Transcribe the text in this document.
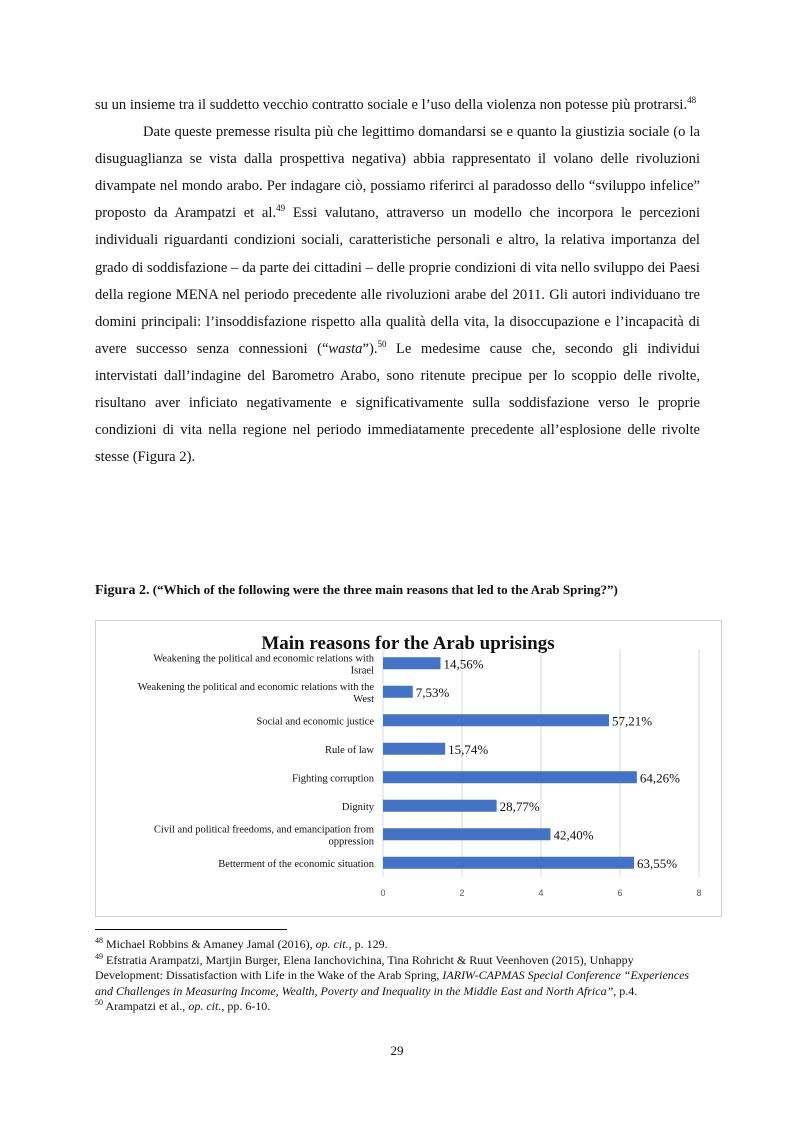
su un insieme tra il suddetto vecchio contratto sociale e l’uso della violenza non potesse più protrarsi.$^{48}$

Date queste premesse risulta più che legittimo domandarsi se e quanto la giustizia sociale (o la disuguaglianza se vista dalla prospettiva negativa) abbia rappresentato il volano delle rivoluzioni divampate nel mondo arabo. Per indagare ciò, possiamo riferirci al paradosso dello “sviluppo infelice” proposto da Arampatzi et al.$^{49}$ Essi valutano, attraverso un modello che incorpora le percezioni individuali riguardanti condizioni sociali, caratteristiche personali e altro, la relativa importanza del grado di soddisfazione – da parte dei cittadini – delle proprie condizioni di vita nello sviluppo dei Paesi della regione MENA nel periodo precedente alle rivoluzioni arabe del 2011. Gli autori individuano tre domini principali: l’insoddisfazione rispetto alla qualità della vita, la disoccupazione e l’incapacità di avere successo senza connessioni (“wasta”).$^{50}$ Le medesime cause che, secondo gli individui intervistati dall’indagine del Barometro Arabo, sono ritenute precipue per lo scoppio delle rivolte, risultano aver inficiato negativamente e significativamente sulla soddisfazione verso le proprie condizioni di vita nella regione nel periodo immediatamente precedente all’esplosione delle rivolte stesse (Figura 2).

Figura 2. (“Which of the following were the three main reasons that led to the Arab Spring?”)
Main reasons for the Arab uprisings
0	2	4	6	8
14,56%
Weakening the political and economic relations with
Israel
7,53%
Weakening the political and economic relations with the
West
57,21%
Social and economic justice
15,74%
Rule of law
64,26%
Fighting corruption
28,77%
Dignity
42,40%
Civil and political freedoms, and emancipation from
oppression
63,55%
Betterment of the economic situation

$^{48}$ Michael Robbins & Amaney Jamal (2016), op. cit., p. 129.

$^{49}$ Efstratia Arampatzi, Martjin Burger, Elena Ianchovichina, Tina Rohricht & Ruut Veenhoven (2015), Unhappy Development: Dissatisfaction with Life in the Wake of the Arab Spring, IARIW-CAPMAS Special Conference “Experiences and Challenges in Measuring Income, Wealth, Poverty and Inequality in the Middle East and North Africa”, p.4.

$^{50}$ Arampatzi et al., op. cit., pp. 6-10.

29
